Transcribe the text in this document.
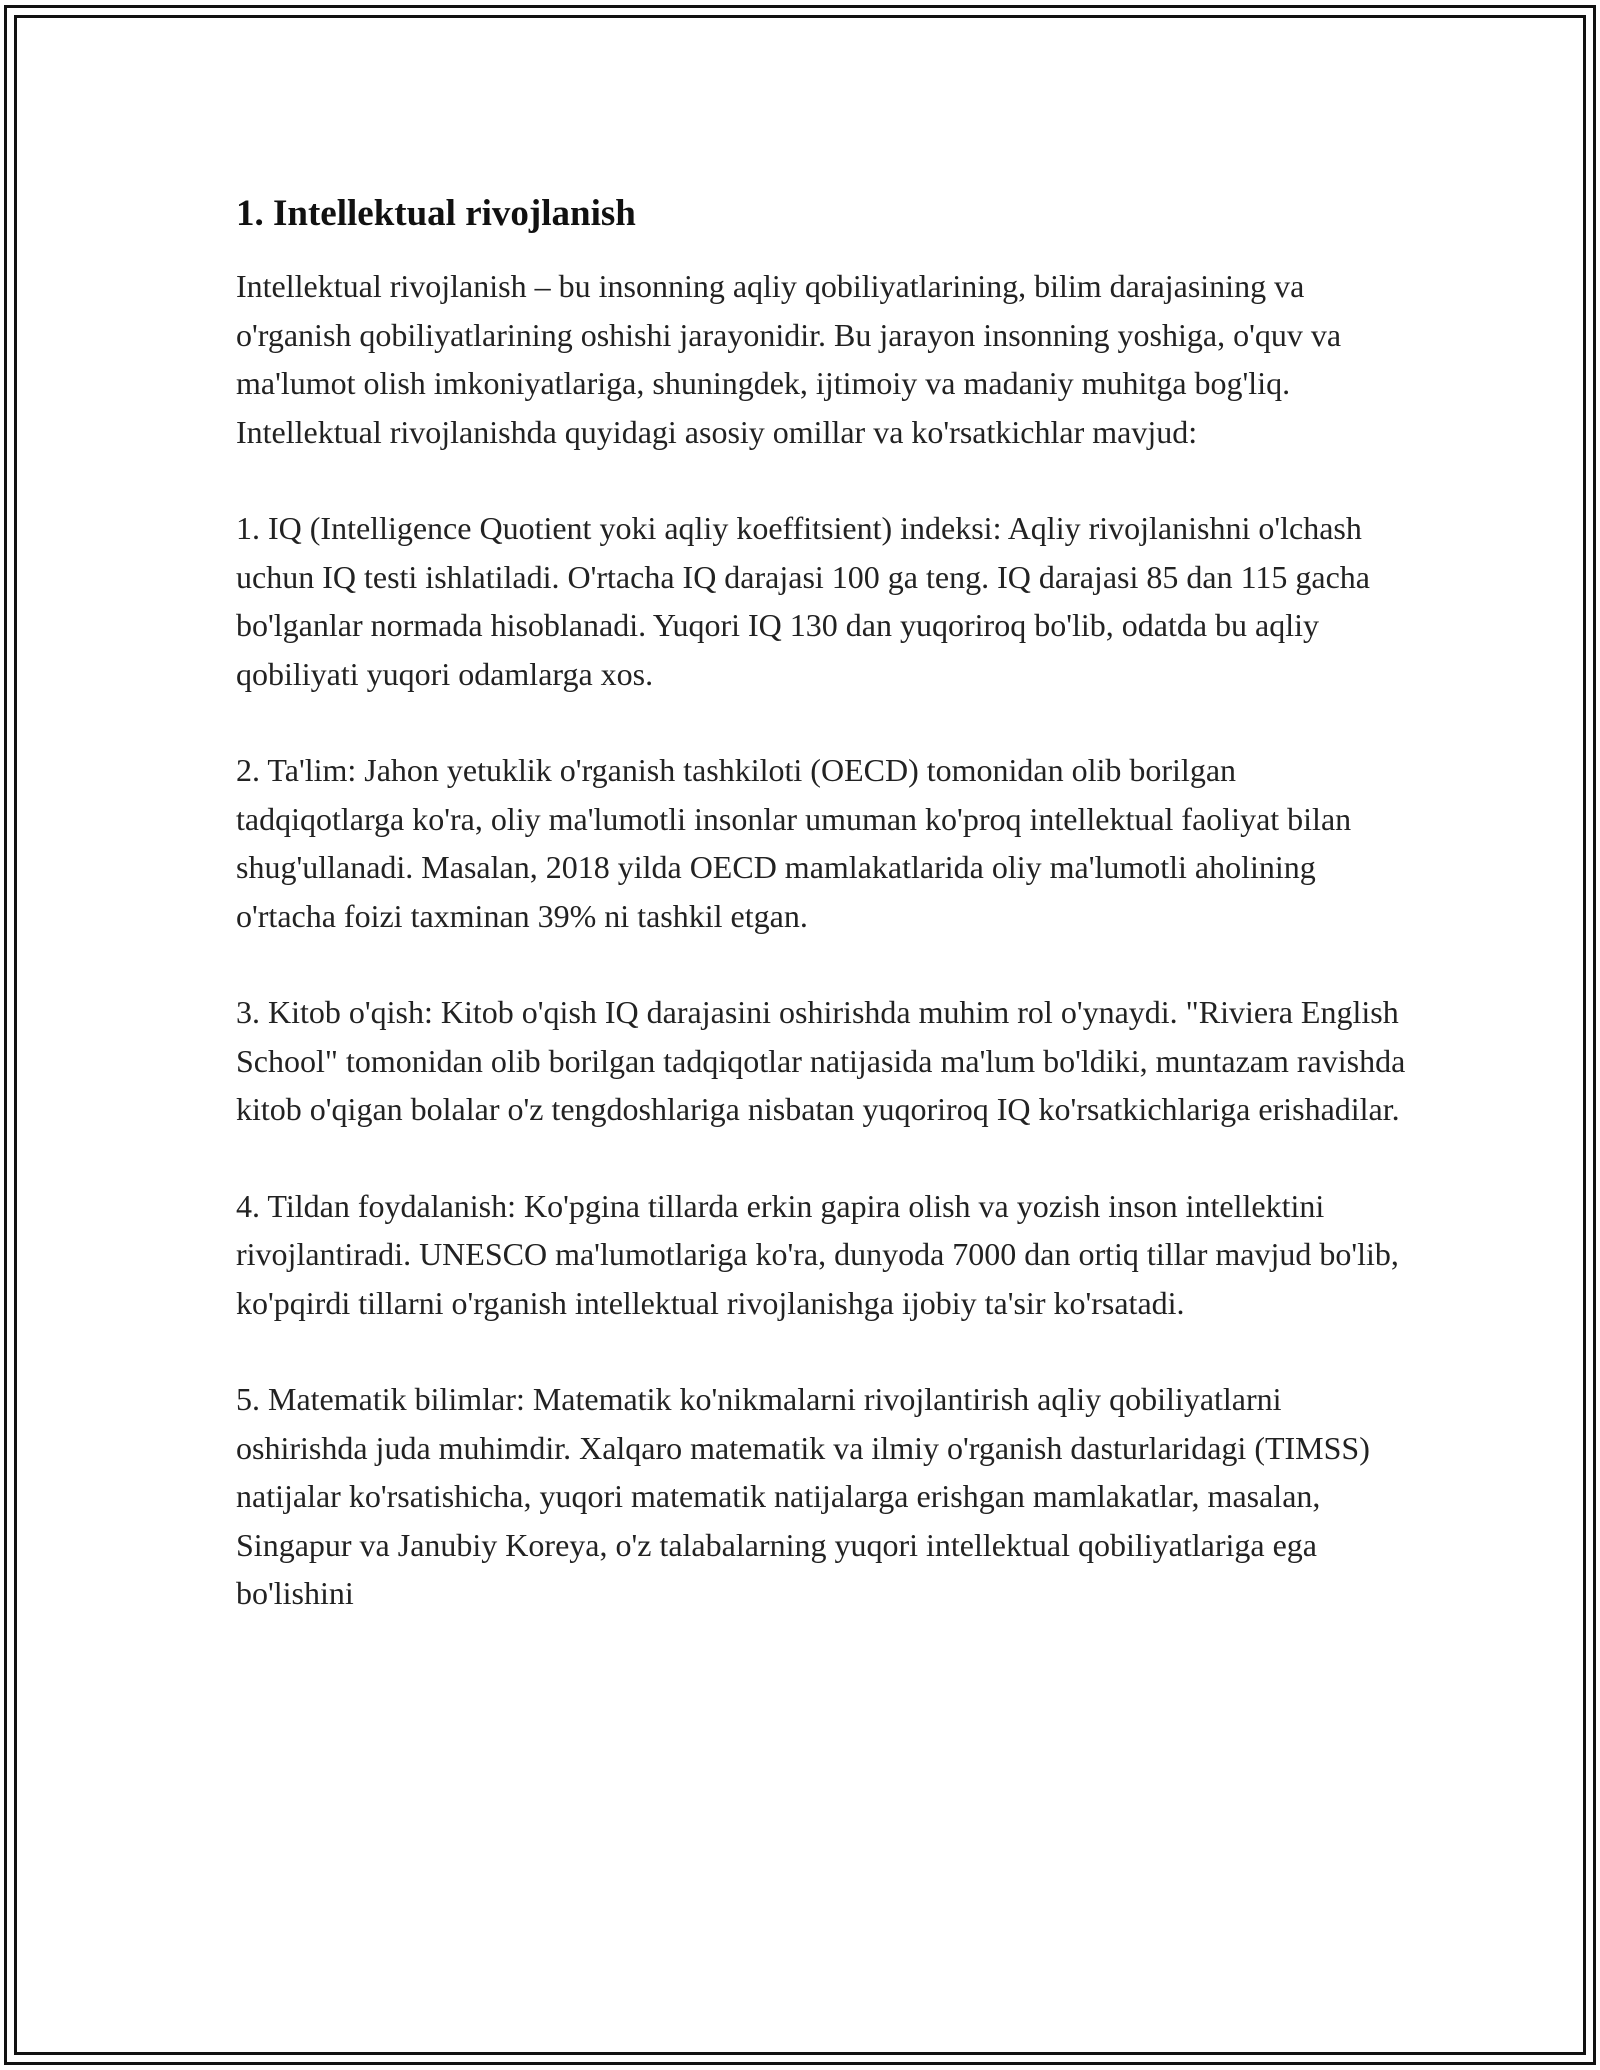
1. Intellektual rivojlanish

Intellektual rivojlanish – bu insonning aqliy qobiliyatlarining, bilim darajasining va o'rganish qobiliyatlarining oshishi jarayonidir. Bu jarayon insonning yoshiga, o'quv va ma'lumot olish imkoniyatlariga, shuningdek, ijtimoiy va madaniy muhitga bog'liq. Intellektual rivojlanishda quyidagi asosiy omillar va ko'rsatkichlar mavjud:

1. IQ (Intelligence Quotient yoki aqliy koeffitsient) indeksi: Aqliy rivojlanishni o'lchash uchun IQ testi ishlatiladi. O'rtacha IQ darajasi 100 ga teng. IQ darajasi 85 dan 115 gacha bo'lganlar normada hisoblanadi. Yuqori IQ 130 dan yuqoriroq bo'lib, odatda bu aqliy qobiliyati yuqori odamlarga xos.

2. Ta'lim: Jahon yetuklik o'rganish tashkiloti (OECD) tomonidan olib borilgan tadqiqotlarga ko'ra, oliy ma'lumotli insonlar umuman ko'proq intellektual faoliyat bilan shug'ullanadi. Masalan, 2018 yilda OECD mamlakatlarida oliy ma'lumotli aholining o'rtacha foizi taxminan 39% ni tashkil etgan.

3. Kitob o'qish: Kitob o'qish IQ darajasini oshirishda muhim rol o'ynaydi. "Riviera English School" tomonidan olib borilgan tadqiqotlar natijasida ma'lum bo'ldiki, muntazam ravishda kitob o'qigan bolalar o'z tengdoshlariga nisbatan yuqoriroq IQ ko'rsatkichlariga erishadilar.

4. Tildan foydalanish: Ko'pgina tillarda erkin gapira olish va yozish inson intellektini rivojlantiradi. UNESCO ma'lumotlariga ko'ra, dunyoda 7000 dan ortiq tillar mavjud bo'lib, ko'pqirdi tillarni o'rganish intellektual rivojlanishga ijobiy ta'sir ko'rsatadi.

5. Matematik bilimlar: Matematik ko'nikmalarni rivojlantirish aqliy qobiliyatlarni oshirishda juda muhimdir. Xalqaro matematik va ilmiy o'rganish dasturlaridagi (TIMSS) natijalar ko'rsatishicha, yuqori matematik natijalarga erishgan mamlakatlar, masalan, Singapur va Janubiy Koreya, o'z talabalarning yuqori intellektual qobiliyatlariga ega bo'lishini
